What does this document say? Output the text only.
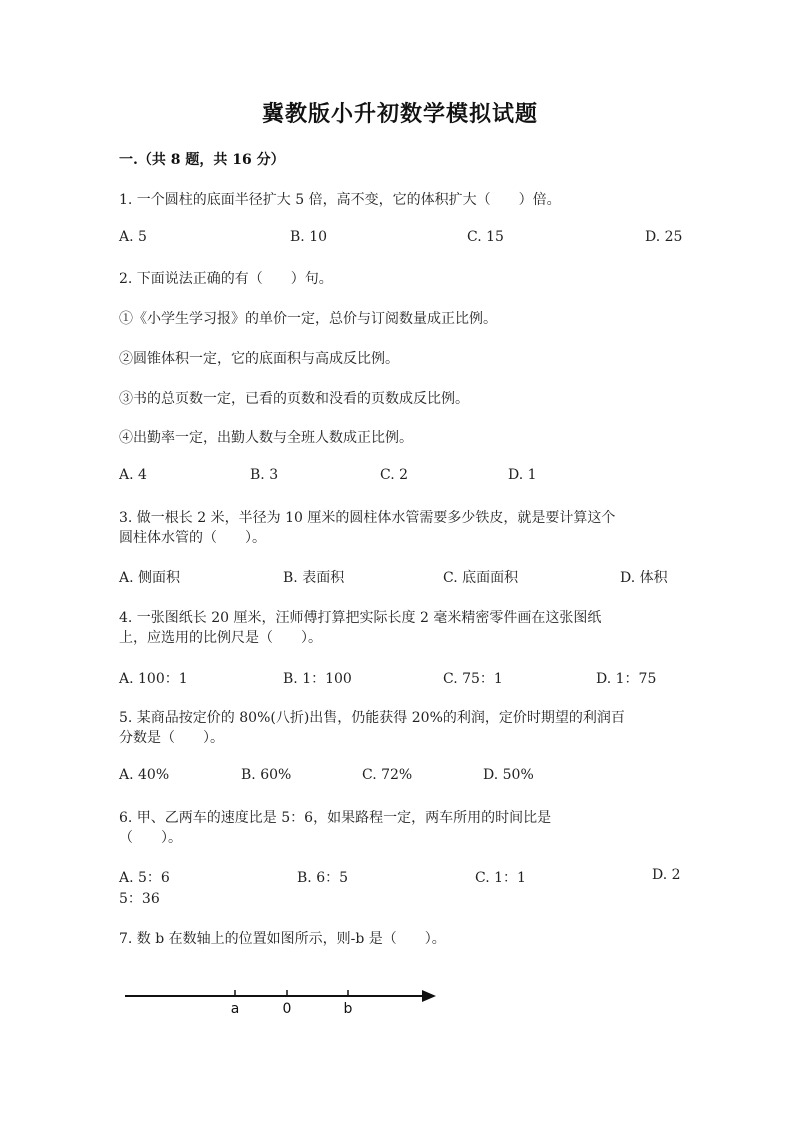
冀教版小升初数学模拟试题
一.（共 8 题，共 16 分）
1. 一个圆柱的底面半径扩大 5 倍，高不变，它的体积扩大（　　）倍。
A. 5	B. 10	C. 15	D. 25
2. 下面说法正确的有（　　）句。
①《小学生学习报》的单价一定，总价与订阅数量成正比例。
②圆锥体积一定，它的底面积与高成反比例。
③书的总页数一定，已看的页数和没看的页数成反比例。
④出勤率一定，出勤人数与全班人数成正比例。
A. 4	B. 3	C. 2	D. 1
3. 做一根长 2 米，半径为 10 厘米的圆柱体水管需要多少铁皮，就是要计算这个
圆柱体水管的（　　）。
A. 侧面积	B. 表面积	C. 底面面积	D. 体积
4. 一张图纸长 20 厘米，汪师傅打算把实际长度 2 毫米精密零件画在这张图纸
上，应选用的比例尺是（　　）。
A. 100：1	B. 1：100	C. 75：1	D. 1：75
5. 某商品按定价的 80%(八折)出售，仍能获得 20%的利润，定价时期望的利润百
分数是（　　）。
A. 40%	B. 60%	C. 72%	D. 50%
6. 甲、乙两车的速度比是 5：6，如果路程一定，两车所用的时间比是
（　　）。
A. 5：6	B. 6：5	C. 1：1	D. 2
5：36
7. 数 b 在数轴上的位置如图所示，则-b 是（　　）。
a	0	b
